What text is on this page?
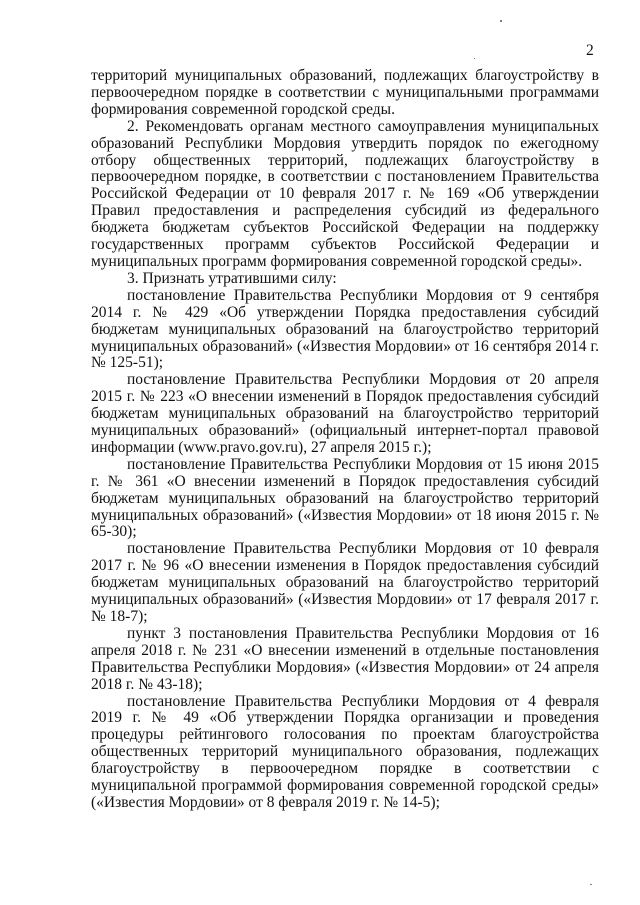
2

территорий муниципальных образований, подлежащих благоустройству в первоочередном порядке в соответствии с муниципальными программами формирования современной городской среды.

2. Рекомендовать органам местного самоуправления муниципальных образований Республики Мордовия утвердить порядок по ежегодному отбору общественных территорий, подлежащих благоустройству в первоочередном порядке, в соответствии с постановлением Правительства Российской Федерации от 10 февраля 2017 г. № 169 «Об утверждении Правил предоставления и распределения субсидий из федерального бюджета бюджетам субъектов Российской Федерации на поддержку государственных программ субъектов Российской Федерации и муниципальных программ формирования современной городской среды».

3. Признать утратившими силу:

постановление Правительства Республики Мордовия от 9 сентября 2014 г. № 429 «Об утверждении Порядка предоставления субсидий бюджетам муниципальных образований на благоустройство территорий муниципальных образований» («Известия Мордовии» от 16 сентября 2014 г. № 125-51);

постановление Правительства Республики Мордовия от 20 апреля 2015 г. № 223 «О внесении изменений в Порядок предоставления субсидий бюджетам муниципальных образований на благоустройство территорий муниципальных образований» (официальный интернет-портал правовой информации (www.pravo.gov.ru), 27 апреля 2015 г.);

постановление Правительства Республики Мордовия от 15 июня 2015 г. № 361 «О внесении изменений в Порядок предоставления субсидий бюджетам муниципальных образований на благоустройство территорий муниципальных образований» («Известия Мордовии» от 18 июня 2015 г. № 65-30);

постановление Правительства Республики Мордовия от 10 февраля 2017 г. № 96 «О внесении изменения в Порядок предоставления субсидий бюджетам муниципальных образований на благоустройство территорий муниципальных образований» («Известия Мордовии» от 17 февраля 2017 г. № 18-7);

пункт 3 постановления Правительства Республики Мордовия от 16 апреля 2018 г. № 231 «О внесении изменений в отдельные постановления Правительства Республики Мордовия» («Известия Мордовии» от 24 апреля 2018 г. № 43-18);

постановление Правительства Республики Мордовия от 4 февраля 2019 г. № 49 «Об утверждении Порядка организации и проведения процедуры рейтингового голосования по проектам благоустройства общественных территорий муниципального образования, подлежащих благоустройству в первоочередном порядке в соответствии с муниципальной программой формирования современной городской среды» («Известия Мордовии» от 8 февраля 2019 г. № 14-5);
